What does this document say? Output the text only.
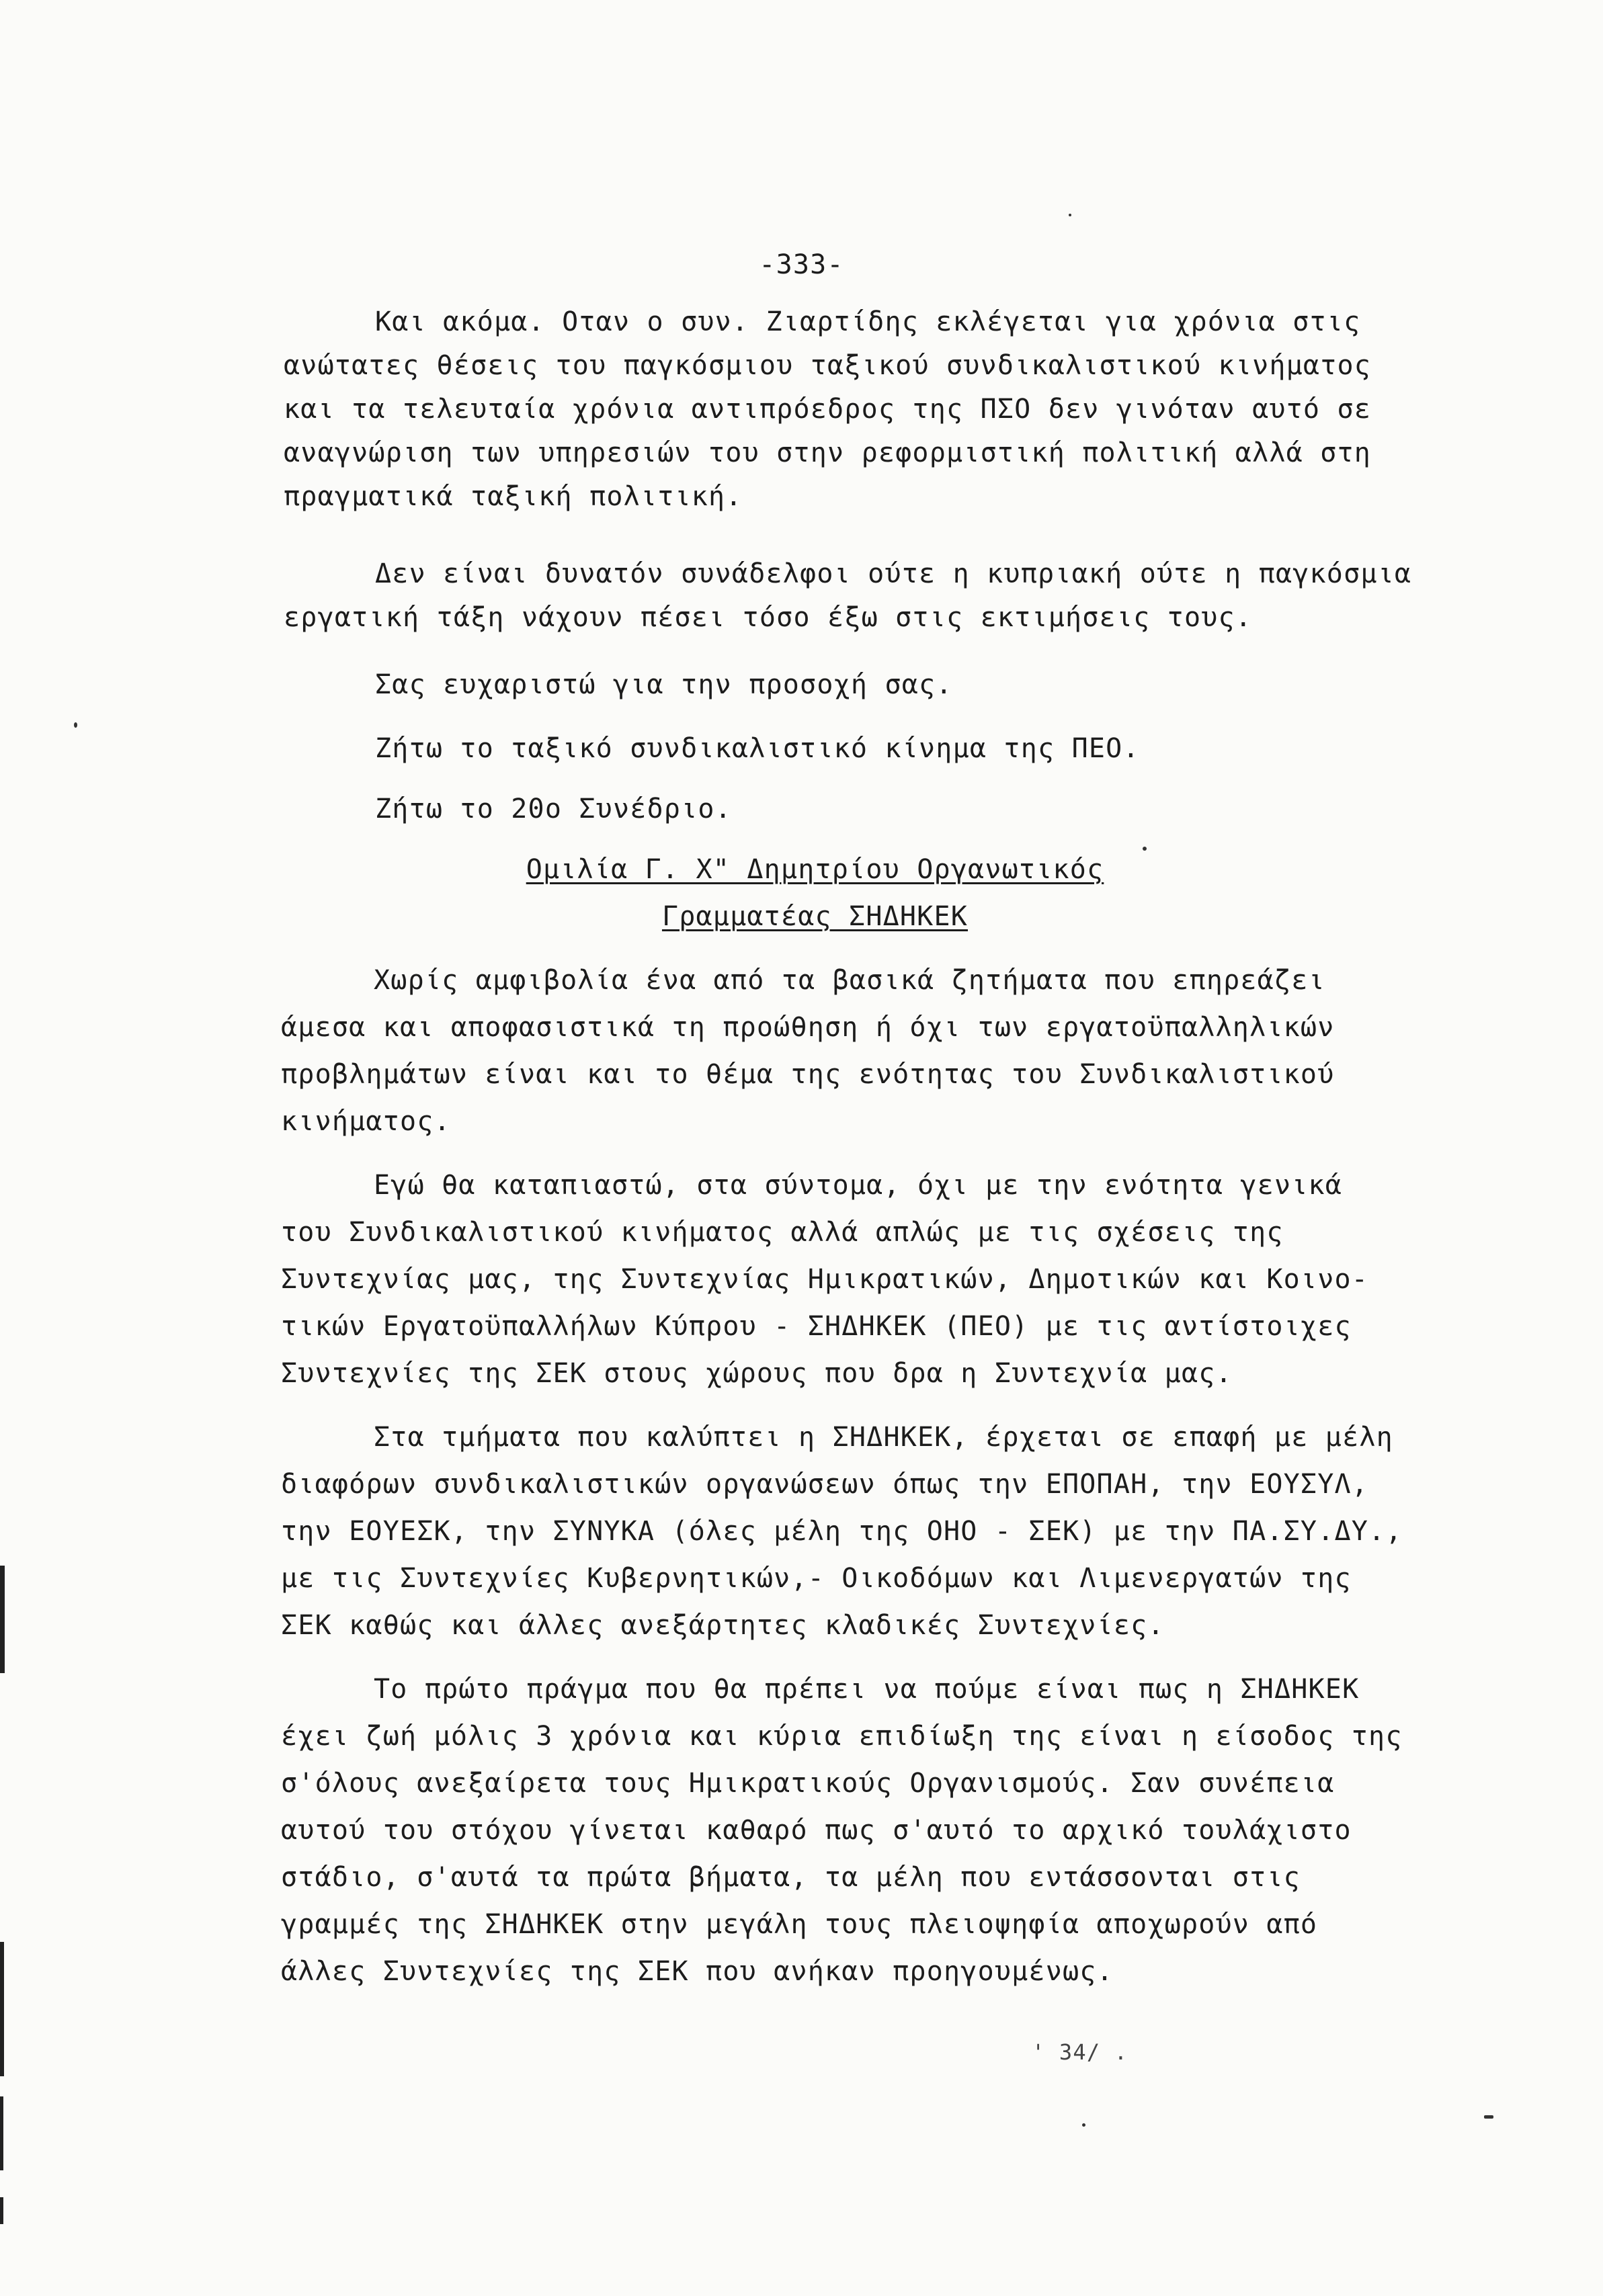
-333-
Και ακόμα. Οταν ο συν. Ζιαρτίδης εκλέγεται για χρόνια στις
ανώτατες θέσεις του παγκόσμιου ταξικού συνδικαλιστικού κινήματος
και τα τελευταία χρόνια αντιπρόεδρος της ΠΣΟ δεν γινόταν αυτό σε
αναγνώριση των υπηρεσιών του στην ρεφορμιστική πολιτική αλλά στη
πραγματικά ταξική πολιτική.
Δεν είναι δυνατόν συνάδελφοι ούτε η κυπριακή ούτε η παγκόσμια
εργατική τάξη νάχουν πέσει τόσο έξω στις εκτιμήσεις τους.
Σας ευχαριστώ για την προσοχή σας.
Ζήτω το ταξικό συνδικαλιστικό κίνημα της ΠΕΟ.
Ζήτω το 20ο Συνέδριο.
Ομιλία Γ. Χ" Δημητρίου Οργανωτικός
Γραμματέας ΣΗΔΗΚΕΚ
Χωρίς αμφιβολία ένα από τα βασικά ζητήματα που επηρεάζει
άμεσα και αποφασιστικά τη προώθηση ή όχι των εργατοϋπαλληλικών
προβλημάτων είναι και το θέμα της ενότητας του Συνδικαλιστικού
κινήματος.
Εγώ θα καταπιαστώ, στα σύντομα, όχι με την ενότητα γενικά
του Συνδικαλιστικού κινήματος αλλά απλώς με τις σχέσεις της
Συντεχνίας μας, της Συντεχνίας Ημικρατικών, Δημοτικών και Κοινο-
τικών Εργατοϋπαλλήλων Κύπρου - ΣΗΔΗΚΕΚ (ΠΕΟ) με τις αντίστοιχες
Συντεχνίες της ΣΕΚ στους χώρους που δρα η Συντεχνία μας.
Στα τμήματα που καλύπτει η ΣΗΔΗΚΕΚ, έρχεται σε επαφή με μέλη
διαφόρων συνδικαλιστικών οργανώσεων όπως την ΕΠΟΠΑΗ, την ΕΟΥΣΥΛ,
την ΕΟΥΕΣΚ, την ΣΥΝΥΚΑ (όλες μέλη της ΟΗΟ - ΣΕΚ) με την ΠΑ.ΣΥ.ΔΥ.,
με τις Συντεχνίες Κυβερνητικών,- Οικοδόμων και Λιμενεργατών της
ΣΕΚ καθώς και άλλες ανεξάρτητες κλαδικές Συντεχνίες.
Το πρώτο πράγμα που θα πρέπει να πούμε είναι πως η ΣΗΔΗΚΕΚ
έχει ζωή μόλις 3 χρόνια και κύρια επιδίωξη της είναι η είσοδος της
σ'όλους ανεξαίρετα τους Ημικρατικούς Οργανισμούς. Σαν συνέπεια
αυτού του στόχου γίνεται καθαρό πως σ'αυτό το αρχικό τουλάχιστο
στάδιο, σ'αυτά τα πρώτα βήματα, τα μέλη που εντάσσονται στις
γραμμές της ΣΗΔΗΚΕΚ στην μεγάλη τους πλειοψηφία αποχωρούν από
άλλες Συντεχνίες της ΣΕΚ που ανήκαν προηγουμένως.
' 34/ .
